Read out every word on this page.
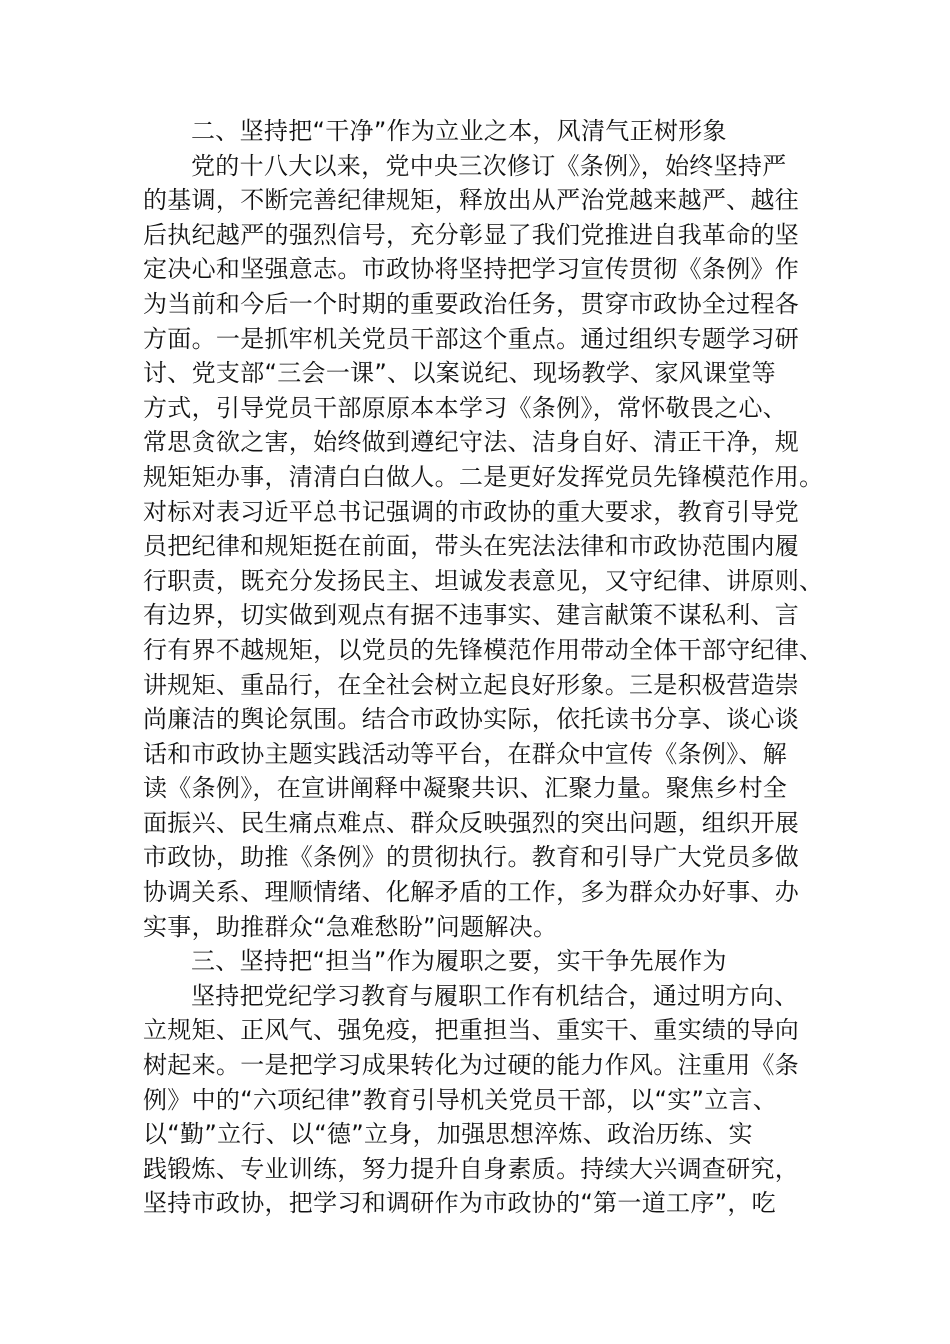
二、坚持把“干净”作为立业之本，风清气正树形象
党的十八大以来，党中央三次修订《条例》，始终坚持严
的基调，不断完善纪律规矩，释放出从严治党越来越严、越往
后执纪越严的强烈信号，充分彰显了我们党推进自我革命的坚
定决心和坚强意志。市政协将坚持把学习宣传贯彻《条例》作
为当前和今后一个时期的重要政治任务，贯穿市政协全过程各
方面。一是抓牢机关党员干部这个重点。通过组织专题学习研
讨、党支部“三会一课”、以案说纪、现场教学、家风课堂等
方式，引导党员干部原原本本学习《条例》，常怀敬畏之心、
常思贪欲之害，始终做到遵纪守法、洁身自好、清正干净，规
规矩矩办事，清清白白做人。二是更好发挥党员先锋模范作用。
对标对表习近平总书记强调的市政协的重大要求，教育引导党
员把纪律和规矩挺在前面，带头在宪法法律和市政协范围内履
行职责，既充分发扬民主、坦诚发表意见，又守纪律、讲原则、
有边界，切实做到观点有据不违事实、建言献策不谋私利、言
行有界不越规矩，以党员的先锋模范作用带动全体干部守纪律、
讲规矩、重品行，在全社会树立起良好形象。三是积极营造崇
尚廉洁的舆论氛围。结合市政协实际，依托读书分享、谈心谈
话和市政协主题实践活动等平台，在群众中宣传《条例》、解
读《条例》，在宣讲阐释中凝聚共识、汇聚力量。聚焦乡村全
面振兴、民生痛点难点、群众反映强烈的突出问题，组织开展
市政协，助推《条例》的贯彻执行。教育和引导广大党员多做
协调关系、理顺情绪、化解矛盾的工作，多为群众办好事、办
实事，助推群众“急难愁盼”问题解决。
三、坚持把“担当”作为履职之要，实干争先展作为
坚持把党纪学习教育与履职工作有机结合，通过明方向、
立规矩、正风气、强免疫，把重担当、重实干、重实绩的导向
树起来。一是把学习成果转化为过硬的能力作风。注重用《条
例》中的“六项纪律”教育引导机关党员干部，以“实”立言、
以“勤”立行、以“德”立身，加强思想淬炼、政治历练、实
践锻炼、专业训练，努力提升自身素质。持续大兴调查研究，
坚持市政协，把学习和调研作为市政协的“第一道工序”，吃
